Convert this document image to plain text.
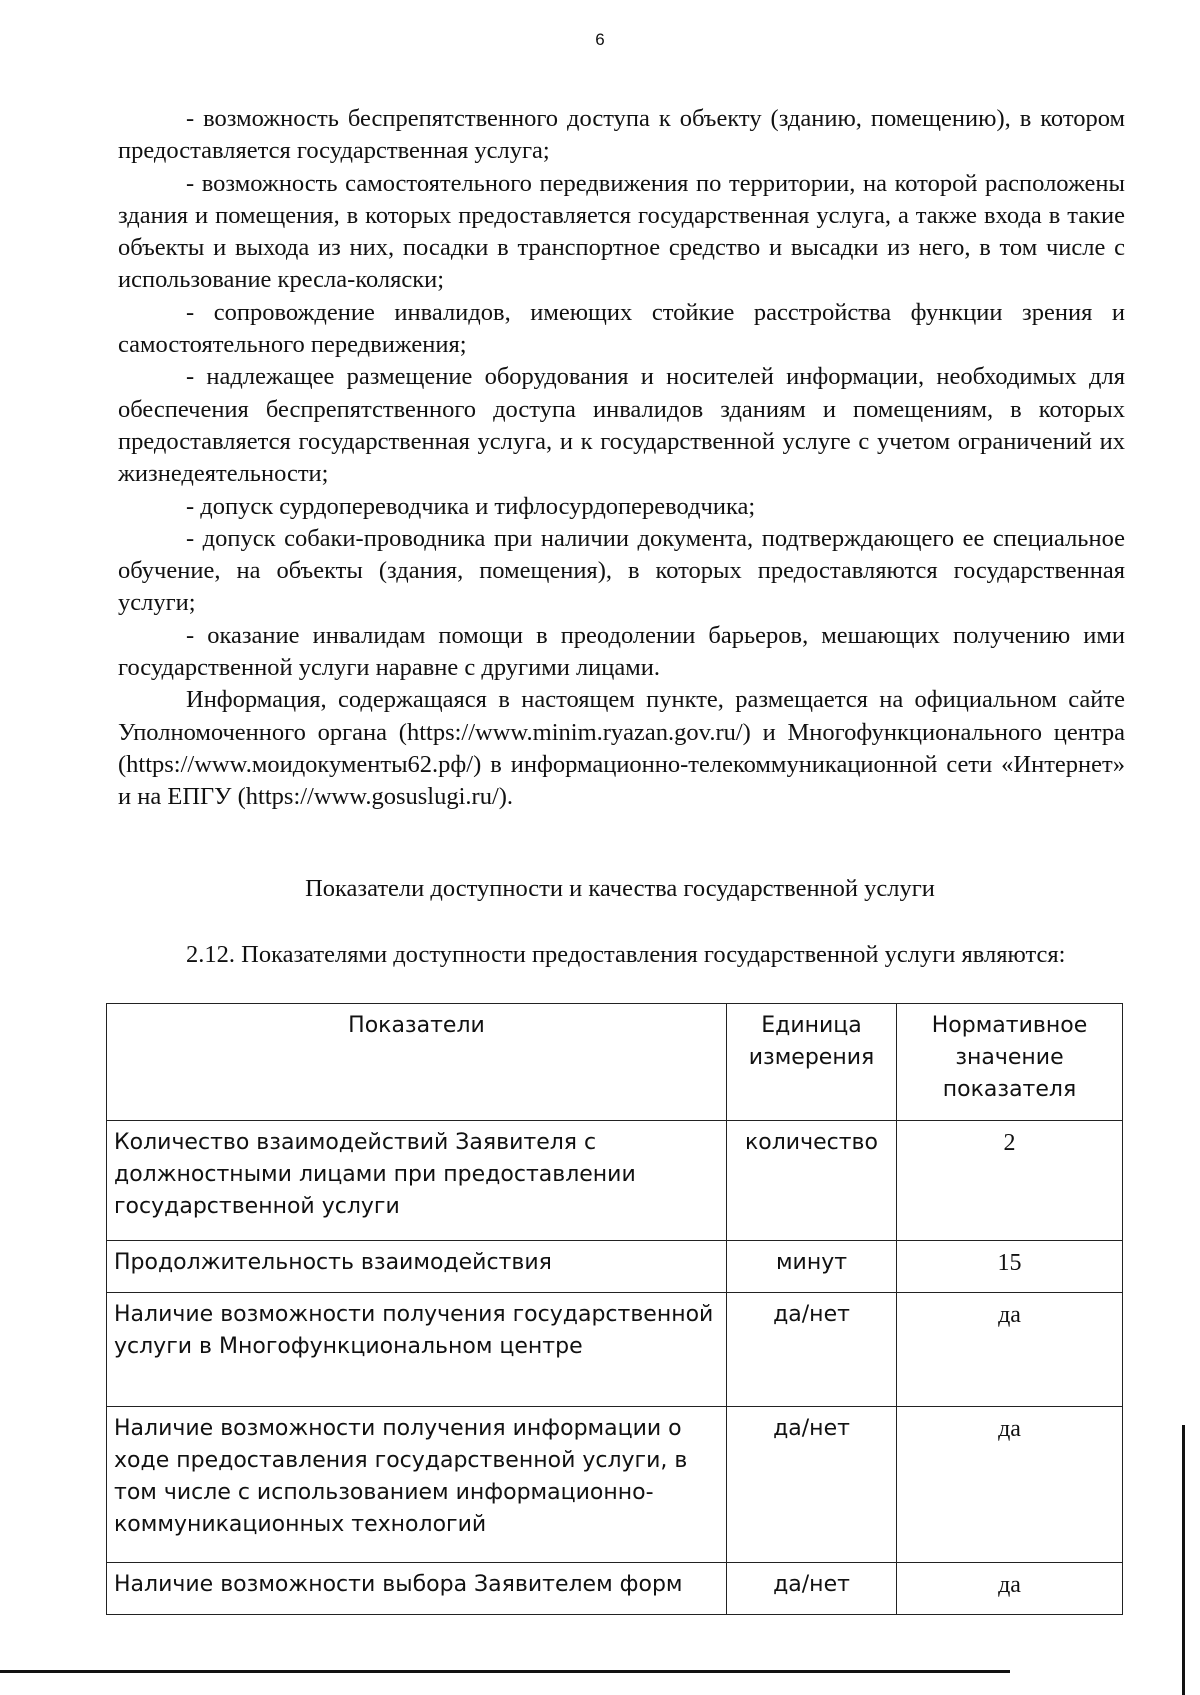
6

- возможность беспрепятственного доступа к объекту (зданию, помещению), в котором предоставляется государственная услуга;

- возможность самостоятельного передвижения по территории, на которой расположены здания и помещения, в которых предоставляется государственная услуга, а также входа в такие объекты и выхода из них, посадки в транспортное средство и высадки из него, в том числе с использование кресла-коляски;

- сопровождение инвалидов, имеющих стойкие расстройства функции зрения и самостоятельного передвижения;

- надлежащее размещение оборудования и носителей информации, необходимых для обеспечения беспрепятственного доступа инвалидов зданиям и помещениям, в которых предоставляется государственная услуга, и к государственной услуге с учетом ограничений их жизнедеятельности;

- допуск сурдопереводчика и тифлосурдопереводчика;

- допуск собаки-проводника при наличии документа, подтверждающего ее специальное обучение, на объекты (здания, помещения), в которых предоставляются государственная услуги;

- оказание инвалидам помощи в преодолении барьеров, мешающих получению ими государственной услуги наравне с другими лицами.

Информация, содержащаяся в настоящем пункте, размещается на официальном сайте Уполномоченного органа (https://www.minim.ryazan.gov.ru/) и Многофункционального центра (https://www.моидокументы62.рф/) в информационно-телекоммуникационной сети «Интернет» и на ЕПГУ (https://www.gosuslugi.ru/).

Показатели доступности и качества государственной услуги

2.12. Показателями доступности предоставления государственной услуги являются:

Показатели	Единица измерения	Нормативное значение показателя
Количество взаимодействий Заявителя с должностными лицами при предоставлении государственной услуги	количество	2
Продолжительность взаимодействия	минут	15
Наличие возможности получения государственной услуги в Многофункциональном центре	да/нет	да
Наличие возможности получения информации о ходе предоставления государственной услуги, в том числе с использованием информационно-коммуникационных технологий	да/нет	да
Наличие возможности выбора Заявителем форм	да/нет	да
